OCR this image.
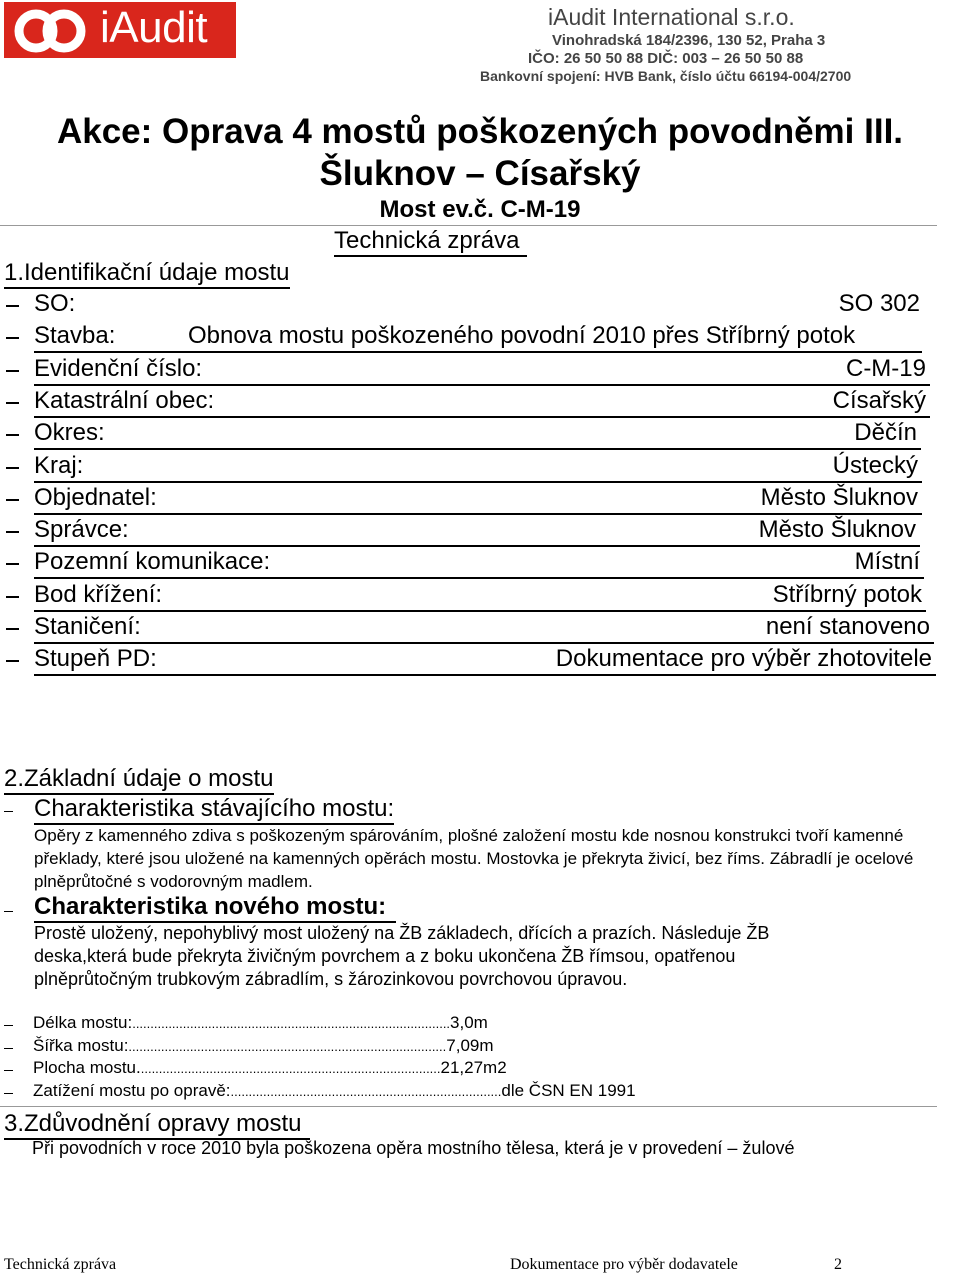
iAudit	iAudit International s.r.o.
Vinohradská 184/2396, 130 52, Praha 3
IČO: 26 50 50 88 DIČ: 003 – 26 50 50 88
Bankovní spojení: HVB Bank, číslo účtu 66194-004/2700
Akce: Oprava 4 mostů poškozených povodněmi III.
Šluknov – Císařský
Most ev.č. C-M-19
Technická zpráva
1.Identifikační údaje mostu
SO:	SO 302
Stavba:	Obnova mostu poškozeného povodní 2010 přes Stříbrný potok
Evidenční číslo:	C-M-19
Katastrální obec:	Císařský
Okres:	Děčín
Kraj:	Ústecký
Objednatel:	Město Šluknov
Správce:	Město Šluknov
Pozemní komunikace:	Místní
Bod křížení:	Stříbrný potok
Staničení:	není stanoveno
Stupeň PD:	Dokumentace pro výběr zhotovitele
2.Základní údaje o mostu
Charakteristika stávajícího mostu:
Opěry z kamenného zdiva s poškozeným spárováním, plošné založení mostu kde nosnou konstrukci tvoří kamenné překlady, které jsou uložené na kamenných opěrách mostu. Mostovka je překryta živicí, bez říms. Zábradlí je ocelové plněprůtočné s vodorovným madlem.
Charakteristika nového mostu:
Prostě uložený, nepohyblivý most uložený na ŽB základech, dřících a prazích. Následuje ŽB deska,která bude překryta živičným povrchem a z boku ukončena ŽB římsou, opatřenou plněprůtočným trubkovým zábradlím, s žározinkovou povrchovou úpravou.
Délka mostu:........................................................................................3,0m
Šířka mostu:........................................................................................7,09m
Plocha mostu....................................................................................21,27m2
Zatížení mostu po opravě:...........................................................................dle ČSN EN 1991
3.Zdůvodnění opravy mostu
Při povodních v roce 2010 byla poškozena opěra mostního tělesa, která je v provedení – žulové
Technická zpráva	Dokumentace pro výběr dodavatele	2
